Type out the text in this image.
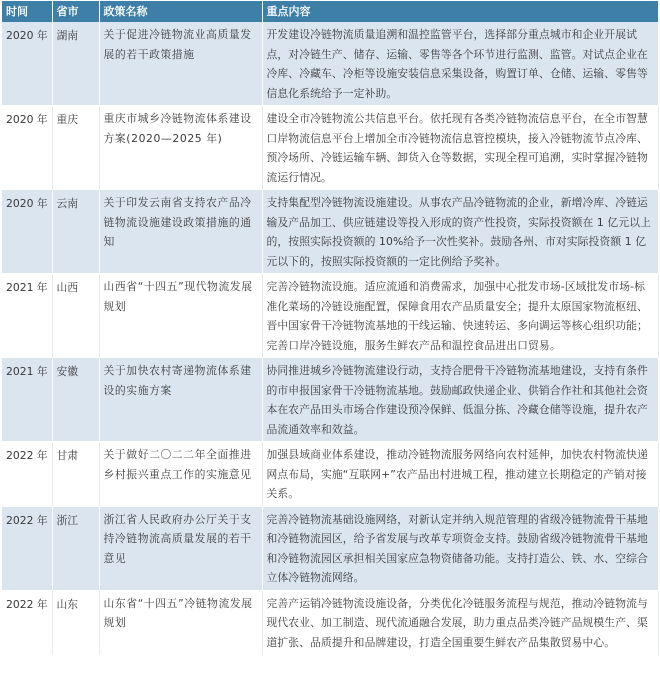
时间	省市	政策名称	重点内容
2020 年	湖南	关于促进冷链物流业高质量发展的若干政策措施	开发建设冷链物流质量追溯和温控监管平台，选择部分重点城市和企业开展试点，对冷链生产、储存、运输、零售等各个环节进行监测、监管。对试点企业在冷库、冷藏车、冷柜等设施安装信息采集设备，购置订单、仓储、运输、零售等信息化系统给予一定补助。
2020 年	重庆	重庆市城乡冷链物流体系建设方案(2020—2025 年)	建设全市冷链物流公共信息平台。依托现有各类冷链物流信息平台，在全市智慧口岸物流信息平台上增加全市冷链物流信息管控模块，接入冷链物流节点冷库、预冷场所、冷链运输车辆、卸货入仓等数据，实现全程可追溯，实时掌握冷链物流运行情况。
2020 年	云南	关于印发云南省支持农产品冷链物流设施建设政策措施的通知	支持集配型冷链物流设施建设。从事农产品冷链物流的企业，新增冷库、冷链运输及产品加工、供应链建设等投入形成的资产性投资，实际投资额在 1 亿元以上的，按照实际投资额的 10%给予一次性奖补。鼓励各州、市对实际投资额 1 亿元以下的，按照实际投资额的一定比例给予奖补。
2021 年	山西	山西省“十四五”现代物流发展规划	完善冷链物流设施。适应流通和消费需求，加强中心批发市场-区域批发市场-标准化菜场的冷链设施配置，保障食用农产品质量安全；提升太原国家物流枢纽、晋中国家骨干冷链物流基地的干线运输、快速转运、多向调运等核心组织功能；完善口岸冷链设施，服务生鲜农产品和温控食品进出口贸易。
2021 年	安徽	关于加快农村寄递物流体系建设的实施方案	协同推进城乡冷链物流建设行动，支持合肥骨干冷链物流基地建设，支持有条件的市申报国家骨干冷链物流基地。鼓励邮政快递企业、供销合作社和其他社会资本在农产品田头市场合作建设预冷保鲜、低温分拣、冷藏仓储等设施，提升农产品流通效率和效益。
2022 年	甘肃	关于做好二〇二二年全面推进乡村振兴重点工作的实施意见	加强县域商业体系建设，推动冷链物流服务网络向农村延伸，加快农村物流快递网点布局，实施“互联网+”农产品出村进城工程，推动建立长期稳定的产销对接关系。
2022 年	浙江	浙江省人民政府办公厅关于支持冷链物流高质量发展的若干意见	完善冷链物流基础设施网络，对新认定并纳入规范管理的省级冷链物流骨干基地和冷链物流园区，给予省发展与改革专项资金支持。鼓励省级冷链物流骨干基地和冷链物流园区承担相关国家应急物资储备功能。支持打造公、铁、水、空综合立体冷链物流网络。
2022 年	山东	山东省“十四五”冷链物流发展规划	完善产运销冷链物流设施设备，分类优化冷链服务流程与规范，推动冷链物流与现代农业、加工制造、现代流通融合发展，助力重点品类冷链产品规模生产、渠道扩张、品质提升和品牌建设，打造全国重要生鲜农产品集散贸易中心。
